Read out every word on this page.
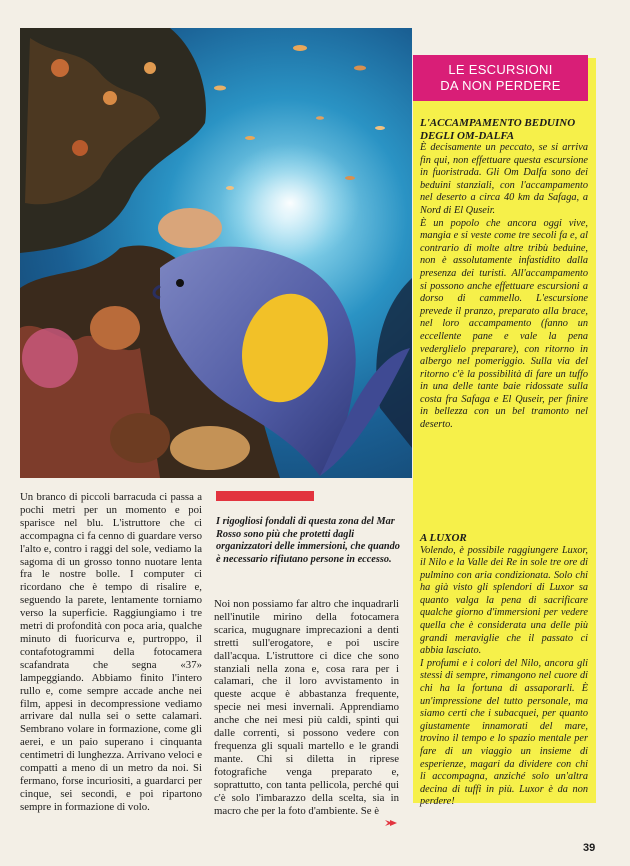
LE ESCURSIONI
DA NON PERDERE
L'ACCAMPAMENTO BEDUINO DEGLI OM-DALFA

È decisamente un peccato, se si arriva fin qui, non effettuare questa escursione in fuoristrada. Gli Om Dalfa sono dei beduini stanziali, con l'accampamento nel deserto a circa 40 km da Safaga, a Nord di El Quseir.

È un popolo che ancora oggi vive, mangia e si veste come tre secoli fa e, al contrario di molte altre tribù beduine, non è assolutamente infastidito dalla presenza dei turisti. All'accampamento si possono anche effettuare escursioni a dorso di cammello. L'escursione prevede il pranzo, preparato alla brace, nel loro accampamento (fanno un eccellente pane e vale la pena vederglielo preparare), con ritorno in albergo nel pomeriggio. Sulla via del ritorno c'è la possibilità di fare un tuffo in una delle tante baie ridossate sulla costa fra Safaga e El Quseir, per finire in bellezza con un bel tramonto nel deserto.

A LUXOR

Volendo, è possibile raggiungere Luxor, il Nilo e la Valle dei Re in sole tre ore di pulmino con aria condizionata. Solo chi ha già visto gli splendori di Luxor sa quanto valga la pena di sacrificare qualche giorno d'immersioni per vedere quella che è considerata una delle più grandi meraviglie che il passato ci abbia lasciato.

I profumi e i colori del Nilo, ancora gli stessi di sempre, rimangono nel cuore di chi ha la fortuna di assaporarli. È un'impressione del tutto personale, ma siamo certi che i subacquei, per quanto giustamente innamorati del mare, trovino il tempo e lo spazio mentale per fare di un viaggio un insieme di esperienze, magari da dividere con chi li accompagna, anziché solo un'altra decina di tuffi in più. Luxor è da non perdere!

Un branco di piccoli barracuda ci passa a pochi metri per un momento e poi sparisce nel blu. L'istruttore che ci accompagna ci fa cenno di guardare verso l'alto e, contro i raggi del sole, vediamo la sagoma di un grosso tonno nuotare lenta fra le nostre bolle. I computer ci ricordano che è tempo di risalire e, seguendo la parete, lentamente torniamo verso la superficie. Raggiungiamo i tre metri di profondità con poca aria, qualche minuto di fuoricurva e, purtroppo, il contafotogrammi della fotocamera scafandrata che segna «37» lampeggiando. Abbiamo finito l'intero rullo e, come sempre accade anche nei film, appesi in decompressione vediamo arrivare dal nulla sei o sette calamari. Sembrano volare in formazione, come gli aerei, e un paio superano i cinquanta centimetri di lunghezza. Arrivano veloci e compatti a meno di un metro da noi. Si fermano, forse incuriositi, a guardarci per cinque, sei secondi, e poi ripartono sempre in formazione di volo.

I rigogliosi fondali di questa zona del Mar Rosso sono più che protetti dagli organizzatori delle immersioni, che quando è necessario rifiutano persone in eccesso.

Noi non possiamo far altro che inquadrarli nell'inutile mirino della fotocamera scarica, mugugnare imprecazioni a denti stretti sull'erogatore, e poi uscire dall'acqua. L'istruttore ci dice che sono stanziali nella zona e, cosa rara per i calamari, che il loro avvistamento in queste acque è abbastanza frequente, specie nei mesi invernali. Apprendiamo anche che nei mesi più caldi, spinti qui dalle correnti, si possono vedere con frequenza gli squali martello e le grandi mante. Chi si diletta in riprese fotografiche venga preparato e, soprattutto, con tanta pellicola, perché qui c'è solo l'imbarazzo della scelta, sia in macro che per la foto d'ambiente. Se è

39
